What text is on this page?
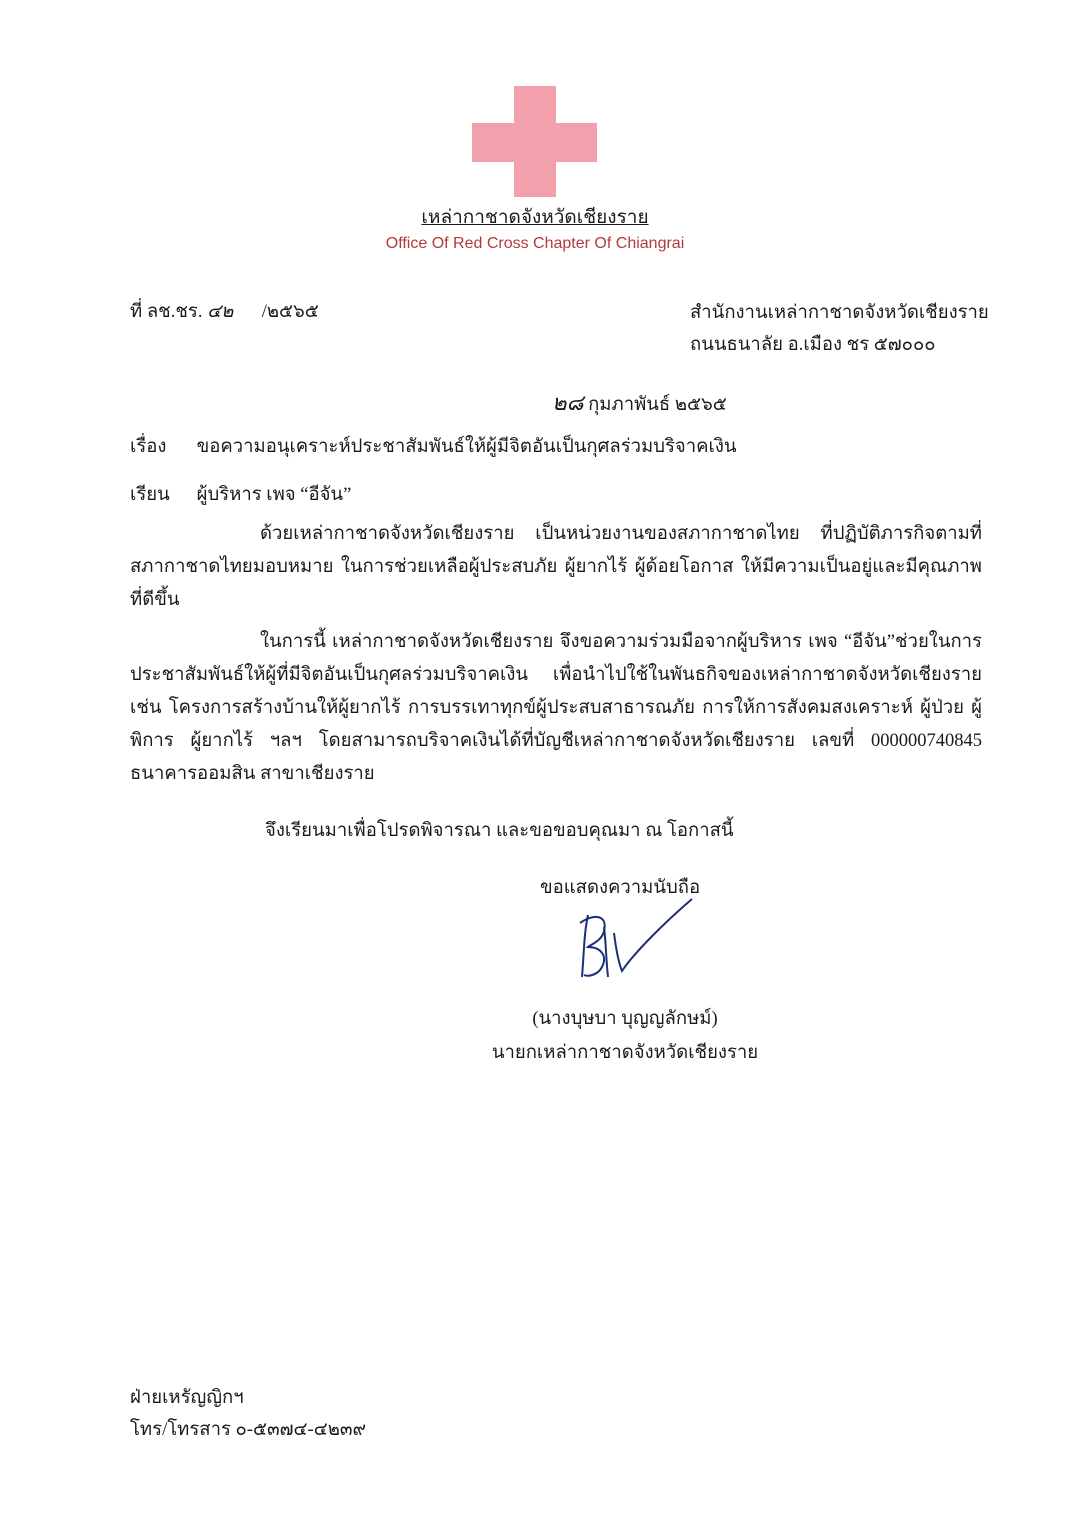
เหล่ากาชาดจังหวัดเชียงราย
Office Of Red Cross Chapter Of Chiangrai
ที่ ลช.ชร. ๔๒ /๒๕๖๕	สำนักงานเหล่ากาชาดจังหวัดเชียงราย
ถนนธนาลัย อ.เมือง ชร ๕๗๐๐๐
๒๘ กุมภาพันธ์ ๒๕๖๕
เรื่อง ขอความอนุเคราะห์ประชาสัมพันธ์ให้ผู้มีจิตอันเป็นกุศลร่วมบริจาคเงิน
เรียน ผู้บริหาร เพจ “อีจัน”
ด้วยเหล่ากาชาดจังหวัดเชียงราย เป็นหน่วยงานของสภากาชาดไทย ที่ปฏิบัติภารกิจตามที่สภากาชาดไทยมอบหมาย ในการช่วยเหลือผู้ประสบภัย ผู้ยากไร้ ผู้ด้อยโอกาส ให้มีความเป็นอยู่และมีคุณภาพที่ดีขึ้น
ในการนี้ เหล่ากาชาดจังหวัดเชียงราย จึงขอความร่วมมือจากผู้บริหาร เพจ “อีจัน”ช่วยในการประชาสัมพันธ์ให้ผู้ที่มีจิตอันเป็นกุศลร่วมบริจาคเงิน เพื่อนำไปใช้ในพันธกิจของเหล่ากาชาดจังหวัดเชียงราย เช่น โครงการสร้างบ้านให้ผู้ยากไร้ การบรรเทาทุกข์ผู้ประสบสาธารณภัย การให้การสังคมสงเคราะห์ ผู้ป่วย ผู้พิการ ผู้ยากไร้ ฯลฯ โดยสามารถบริจาคเงินได้ที่บัญชีเหล่ากาชาดจังหวัดเชียงราย เลขที่ 000000740845 ธนาคารออมสิน สาขาเชียงราย
จึงเรียนมาเพื่อโปรดพิจารณา และขอขอบคุณมา ณ โอกาสนี้
ขอแสดงความนับถือ
(นางบุษบา บุญญลักษม์)
นายกเหล่ากาชาดจังหวัดเชียงราย
ฝ่ายเหรัญญิกฯ
โทร/โทรสาร ๐-๕๓๗๔-๔๒๓๙
